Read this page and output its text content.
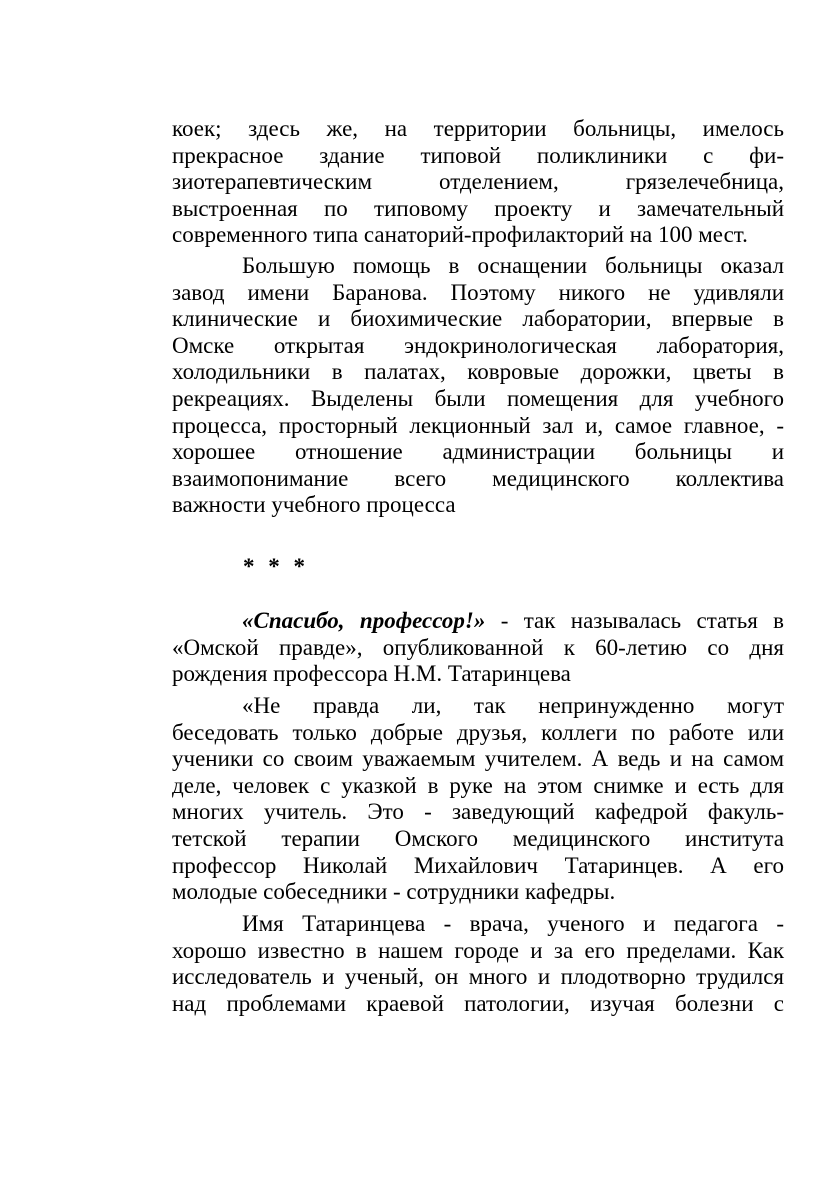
коек; здесь же, на территории больницы, имелось
прекрасное здание типовой поликлиники с фи-
зиотерапевтическим отделением, грязелечебница,
выстроенная по типовому проекту и замечательный
современного типа санаторий-профилакторий на 100 мест.
Большую помощь в оснащении больницы оказал
завод имени Баранова. Поэтому никого не удивляли
клинические и биохимические лаборатории, впервые в
Омске открытая эндокринологическая лаборатория,
холодильники в палатах, ковровые дорожки, цветы в
рекреациях. Выделены были помещения для учебного
процесса, просторный лекционный зал и, самое главное, -
хорошее отношение администрации больницы и
взаимопонимание всего медицинского коллектива
важности учебного процесса
* * *
«Спасибо, профессор!» - так называлась статья в
«Омской правде», опубликованной к 60-летию со дня
рождения профессора Н.М. Татаринцева
«Не правда ли, так непринужденно могут
беседовать только добрые друзья, коллеги по работе или
ученики со своим уважаемым учителем. А ведь и на самом
деле, человек с указкой в руке на этом снимке и есть для
многих учитель. Это - заведующий кафедрой факуль-
тетской терапии Омского медицинского института
профессор Николай Михайлович Татаринцев. А его
молодые собеседники - сотрудники кафедры.
Имя Татаринцева - врача, ученого и педагога -
хорошо известно в нашем городе и за его пределами. Как
исследователь и ученый, он много и плодотворно трудился
над проблемами краевой патологии, изучая болезни с
